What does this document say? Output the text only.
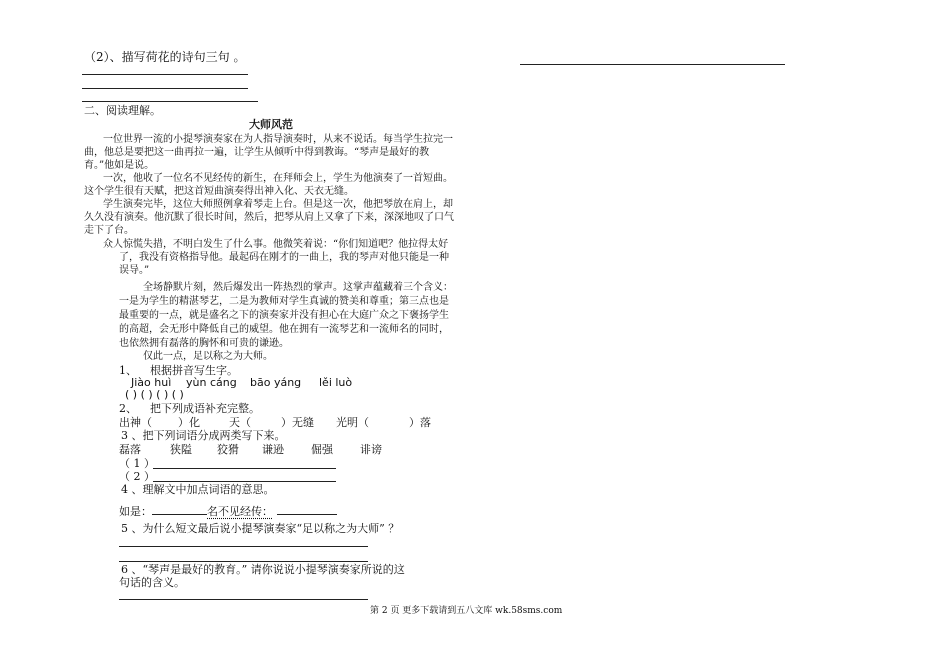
（2）、描写荷花的诗句三句 。
二、阅读理解。
大师风范
一位世界一流的小提琴演奏家在为人指导演奏时，从来不说话。每当学生拉完一
曲，他总是要把这一曲再拉一遍，让学生从倾听中得到教诲。“琴声是最好的教
育。”他如是说。
一次，他收了一位名不见经传的新生，在拜师会上，学生为他演奏了一首短曲。
这个学生很有天赋，把这首短曲演奏得出神入化、天衣无缝。
学生演奏完毕，这位大师照例拿着琴走上台。但是这一次，他把琴放在肩上，却
久久没有演奏。他沉默了很长时间，然后，把琴从肩上又拿了下来，深深地叹了口气
走下了台。
众人惊慌失措，不明白发生了什么事。他微笑着说：“你们知道吧？他拉得太好
了，我没有资格指导他。最起码在刚才的一曲上，我的琴声对他只能是一种
误导。”
全场静默片刻，然后爆发出一阵热烈的掌声。这掌声蕴藏着三个含义：
一是为学生的精湛琴艺，二是为教师对学生真诚的赞美和尊重；第三点也是
最重要的一点，就是盛名之下的演奏家并没有担心在大庭广众之下褒扬学生
的高超，会无形中降低自己的威望。他在拥有一流琴艺和一流师名的同时，
也依然拥有磊落的胸怀和可贵的谦逊。
仅此一点，足以称之为大师。
1、 根据拼音写生字。
Jiào huì yùn cáng bāo yáng lěi luò
( ) ( ) ( ) ( )
2、 把下列成语补充完整。
出神（ ）化	天（	）无缝 光明（	）落
3 、把下列词语分成两类写下来。
磊落	狭隘 狡猾 谦逊 倔强 诽谤
（ 1 ）
（ 2 ）
4 、理解文中加点词语的意思。
如是：	名不见经传：
5 、为什么短文最后说小提琴演奏家“足以称之为大师” ？
6 、“琴声是最好的教育。” 请你说说小提琴演奏家所说的这
句话的含义。
第 2 页 更多下载请到五八文库 wk.58sms.com
